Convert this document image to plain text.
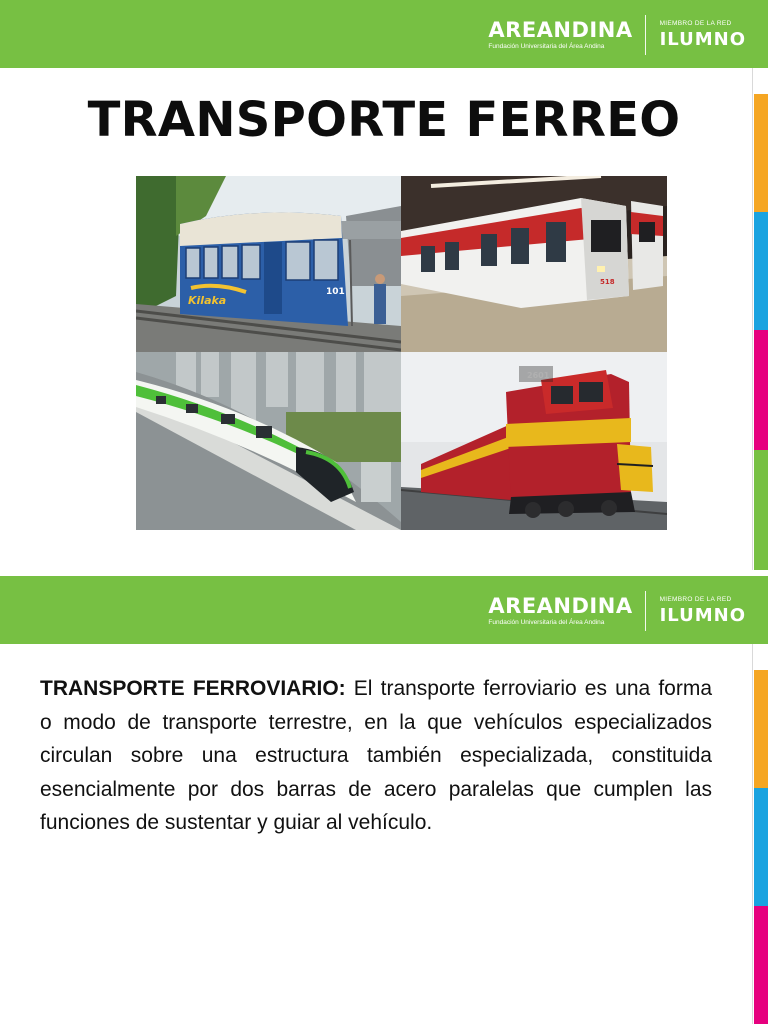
AREANDINA
Fundación Universitaria del Área Andina
MIEMBRO DE LA RED
ILUMNO
TRANSPORTE FERREO
101
Kilaka
518
2601
AREANDINA
Fundación Universitaria del Área Andina
MIEMBRO DE LA RED
ILUMNO

TRANSPORTE FERROVIARIO: El transporte ferroviario es una forma o modo de transporte terrestre, en la que vehículos especializados circulan sobre una estructura también especializada, constituida esencialmente por dos barras de acero paralelas que cumplen las funciones de sustentar y guiar al vehículo.
